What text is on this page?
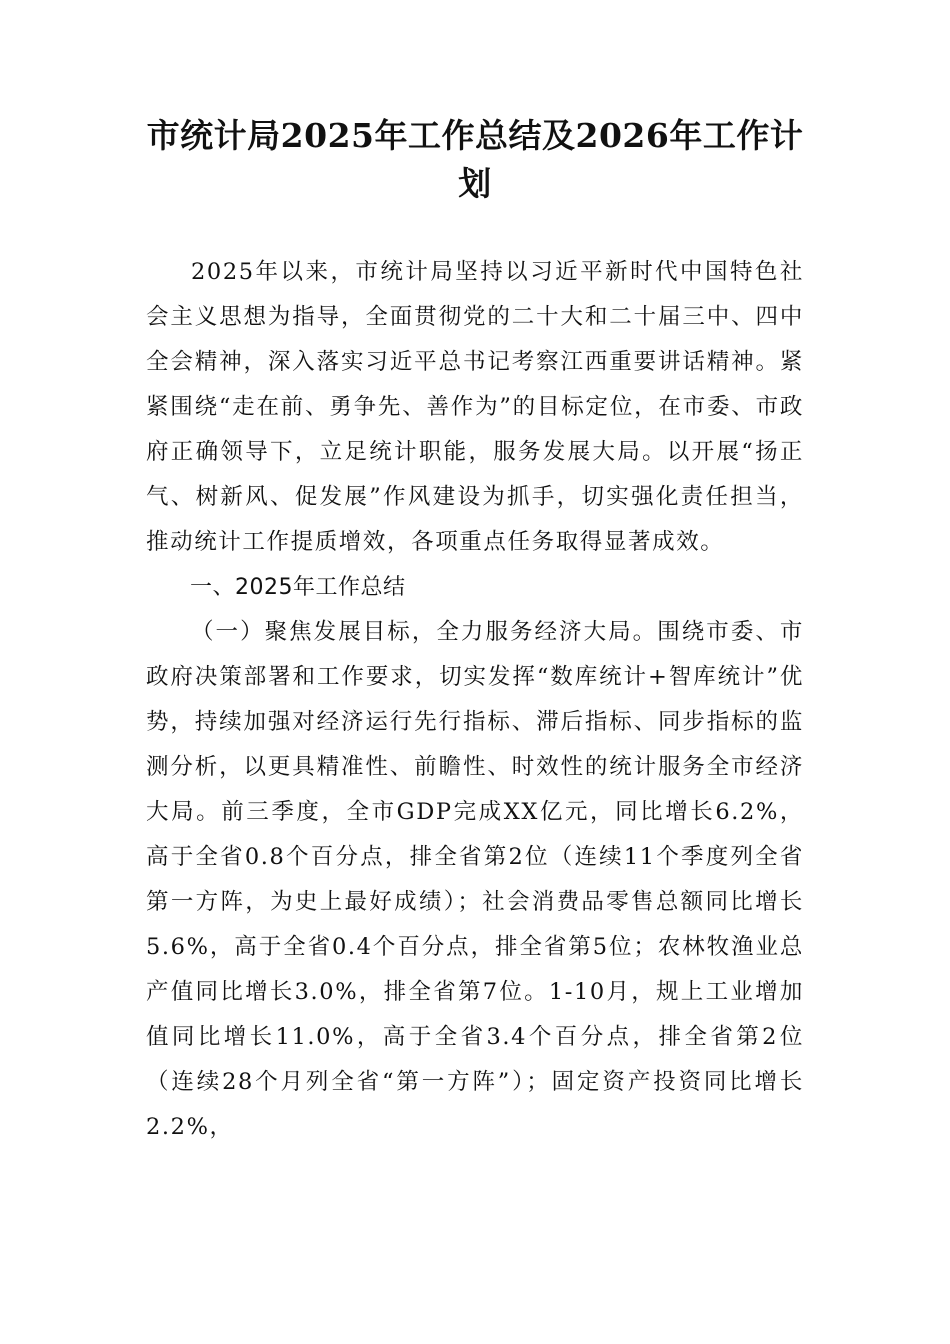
市统计局2025年工作总结及2026年工作计划

2025年以来，市统计局坚持以习近平新时代中国特色社会主义思想为指导，全面贯彻党的二十大和二十届三中、四中全会精神，深入落实习近平总书记考察江西重要讲话精神。紧紧围绕“走在前、勇争先、善作为”的目标定位，在市委、市政府正确领导下，立足统计职能，服务发展大局。以开展“扬正气、树新风、促发展”作风建设为抓手，切实强化责任担当，推动统计工作提质增效，各项重点任务取得显著成效。

一、2025年工作总结

（一）聚焦发展目标，全力服务经济大局。围绕市委、市政府决策部署和工作要求，切实发挥“数库统计+智库统计”优势，持续加强对经济运行先行指标、滞后指标、同步指标的监测分析，以更具精准性、前瞻性、时效性的统计服务全市经济大局。前三季度，全市GDP完成XX亿元，同比增长6.2%，高于全省0.8个百分点，排全省第2位（连续11个季度列全省第一方阵，为史上最好成绩）；社会消费品零售总额同比增长5.6%，高于全省0.4个百分点，排全省第5位；农林牧渔业总产值同比增长3.0%，排全省第7位。1-10月，规上工业增加值同比增长11.0%，高于全省3.4个百分点，排全省第2位（连续28个月列全省“第一方阵”）；固定资产投资同比增长2.2%，
